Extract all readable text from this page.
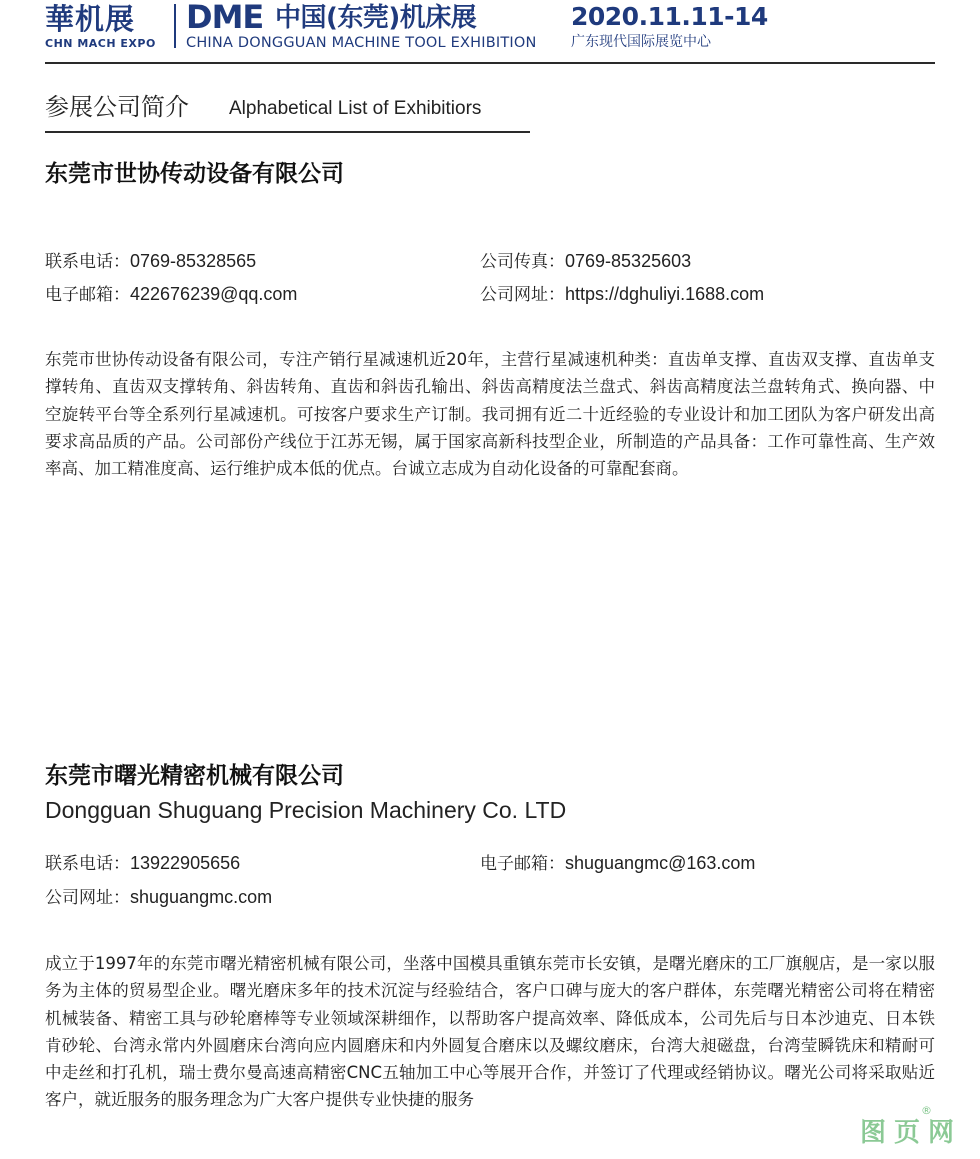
華机展
CHN MACH EXPO
DME 中国(东莞)机床展	2020.11.11-14
CHINA DONGGUAN MACHINE TOOL EXHIBITION 广东现代国际展览中心
参展公司简介 Alphabetical List of Exhibitiors
东莞市世协传动设备有限公司
联系电话：0769-85328565	公司传真：0769-85325603
电子邮箱：422676239@qq.com	公司网址：https://dghuliyi.1688.com
东莞市世协传动设备有限公司，专注产销行星减速机近20年，主营行星减速机种类：直齿单支撑、直齿双支撑、直齿单支撑转角、直齿双支撑转角、斜齿转角、直齿和斜齿孔输出、斜齿高精度法兰盘式、斜齿高精度法兰盘转角式、换向器、中空旋转平台等全系列行星减速机。可按客户要求生产订制。我司拥有近二十近经验的专业设计和加工团队为客户研发出高要求高品质的产品。公司部份产线位于江苏无锡，属于国家高新科技型企业，所制造的产品具备：工作可靠性高、生产效率高、加工精准度高、运行维护成本低的优点。台诚立志成为自动化设备的可靠配套商。
东莞市曙光精密机械有限公司
Dongguan Shuguang Precision Machinery Co. LTD
联系电话：13922905656	电子邮箱：shuguangmc@163.com
公司网址：shuguangmc.com
成立于1997年的东莞市曙光精密机械有限公司，坐落中国模具重镇东莞市长安镇，是曙光磨床的工厂旗舰店，是一家以服务为主体的贸易型企业。曙光磨床多年的技术沉淀与经验结合，客户口碑与庞大的客户群体，东莞曙光精密公司将在精密机械装备、精密工具与砂轮磨棒等专业领域深耕细作，以帮助客户提高效率、降低成本，公司先后与日本沙迪克、日本铁肯砂轮、台湾永常内外圆磨床台湾向应内圆磨床和内外圆复合磨床以及螺纹磨床，台湾大昶磁盘，台湾莹瞬铣床和精耐可中走丝和打孔机，瑞士费尔曼高速高精密CNC五轴加工中心等展开合作，并签订了代理或经销协议。曙光公司将采取贴近客户，就近服务的服务理念为广大客户提供专业快捷的服务
®
图页网
